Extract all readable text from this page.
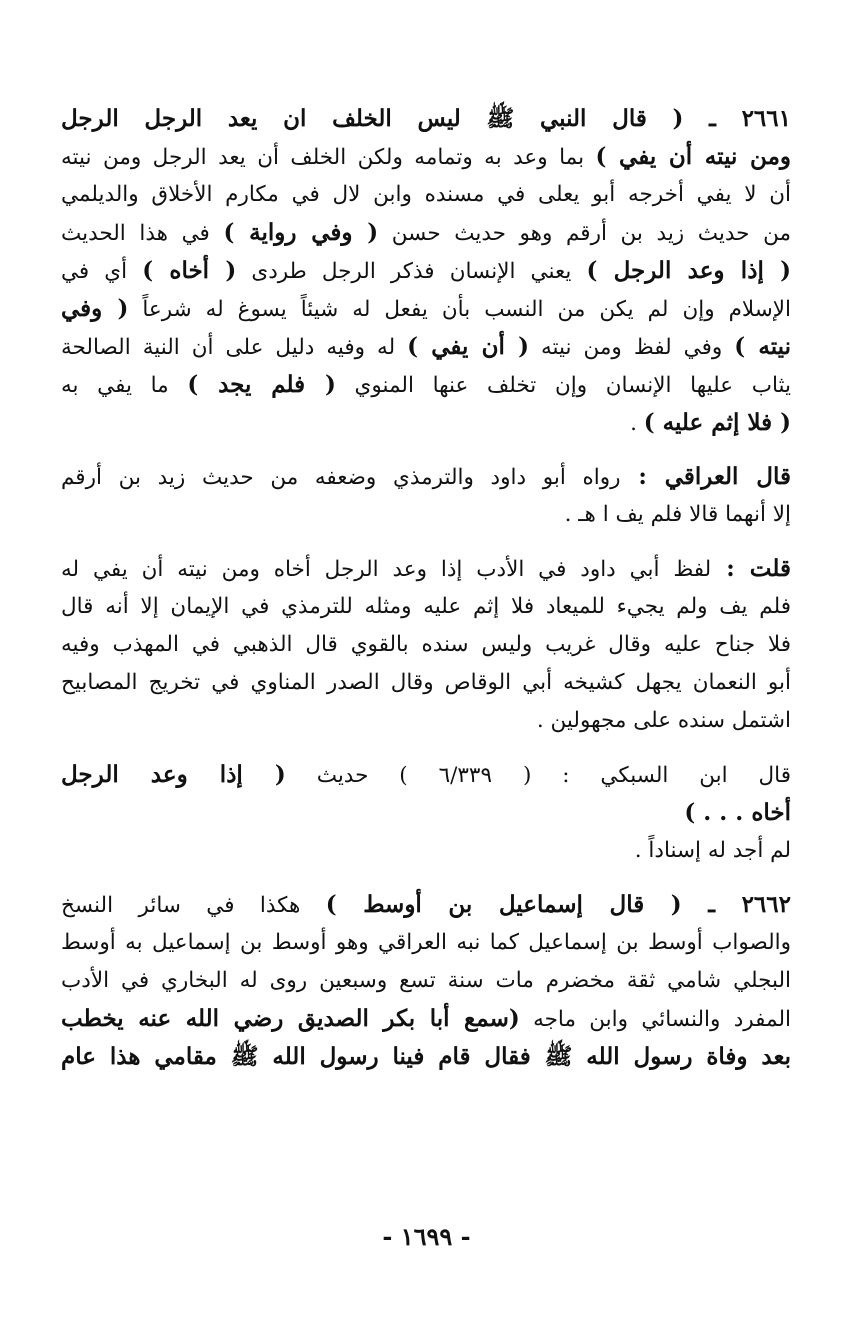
٢٦٦١ ـ ( قال النبي ﷺ ليس الخلف ان يعد الرجل الرجل
ومن نيته أن يفي ) بما وعد به وتمامه ولكن الخلف أن يعد الرجل ومن نيته
أن لا يفي أخرجه أبو يعلى في مسنده وابن لال في مكارم الأخلاق والديلمي
من حديث زيد بن أرقم وهو حديث حسن ( وفي رواية ) في هذا الحديث
( إذا وعد الرجل ) يعني الإنسان فذكر الرجل طردى ( أخاه ) أي في
الإسلام وإن لم يكن من النسب بأن يفعل له شيئاً يسوغ له شرعاً ( وفي
نيته ) وفي لفظ ومن نيته ( أن يفي ) له وفيه دليل على أن النية الصالحة
يثاب عليها الإنسان وإن تخلف عنها المنوي ( فلم يجد ) ما يفي به
( فلا إثم عليه ) .
قال العراقي : رواه أبو داود والترمذي وضعفه من حديث زيد بن أرقم
إلا أنهما قالا فلم يف ا هـ .
قلت : لفظ أبي داود في الأدب إذا وعد الرجل أخاه ومن نيته أن يفي له
فلم يف ولم يجيء للميعاد فلا إثم عليه ومثله للترمذي في الإيمان إلا أنه قال
فلا جناح عليه وقال غريب وليس سنده بالقوي قال الذهبي في المهذب وفيه
أبو النعمان يجهل كشيخه أبي الوقاص وقال الصدر المناوي في تخريج المصابيح
اشتمل سنده على مجهولين .
قال ابن السبكي : ( ٦/٣٣٩ ) حديث ( إذا وعد الرجل
أخاه . . . )
لم أجد له إسناداً .
٢٦٦٢ ـ ( قال إسماعيل بن أوسط ) هكذا في سائر النسخ
والصواب أوسط بن إسماعيل كما نبه العراقي وهو أوسط بن إسماعيل به أوسط
البجلي شامي ثقة مخضرم مات سنة تسع وسبعين روى له البخاري في الأدب
المفرد والنسائي وابن ماجه (سمع أبا بكر الصديق رضي الله عنه يخطب
بعد وفاة رسول الله ﷺ فقال قام فينا رسول الله ﷺ مقامي هذا عام
- ١٦٩٩ -
